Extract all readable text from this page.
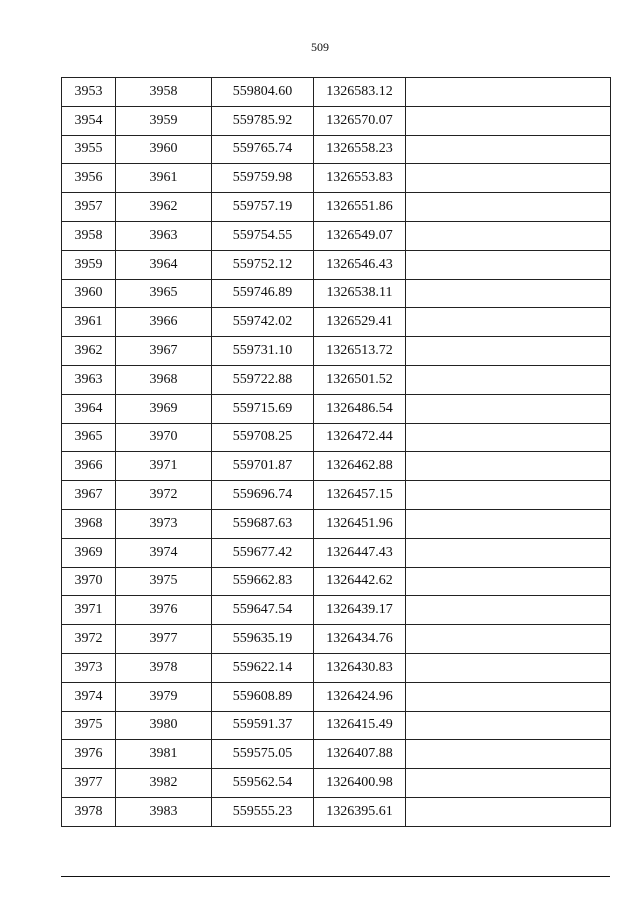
509
3953	3958	559804.60	1326583.12	
3954	3959	559785.92	1326570.07	
3955	3960	559765.74	1326558.23	
3956	3961	559759.98	1326553.83	
3957	3962	559757.19	1326551.86	
3958	3963	559754.55	1326549.07	
3959	3964	559752.12	1326546.43	
3960	3965	559746.89	1326538.11	
3961	3966	559742.02	1326529.41	
3962	3967	559731.10	1326513.72	
3963	3968	559722.88	1326501.52	
3964	3969	559715.69	1326486.54	
3965	3970	559708.25	1326472.44	
3966	3971	559701.87	1326462.88	
3967	3972	559696.74	1326457.15	
3968	3973	559687.63	1326451.96	
3969	3974	559677.42	1326447.43	
3970	3975	559662.83	1326442.62	
3971	3976	559647.54	1326439.17	
3972	3977	559635.19	1326434.76	
3973	3978	559622.14	1326430.83	
3974	3979	559608.89	1326424.96	
3975	3980	559591.37	1326415.49	
3976	3981	559575.05	1326407.88	
3977	3982	559562.54	1326400.98	
3978	3983	559555.23	1326395.61	
